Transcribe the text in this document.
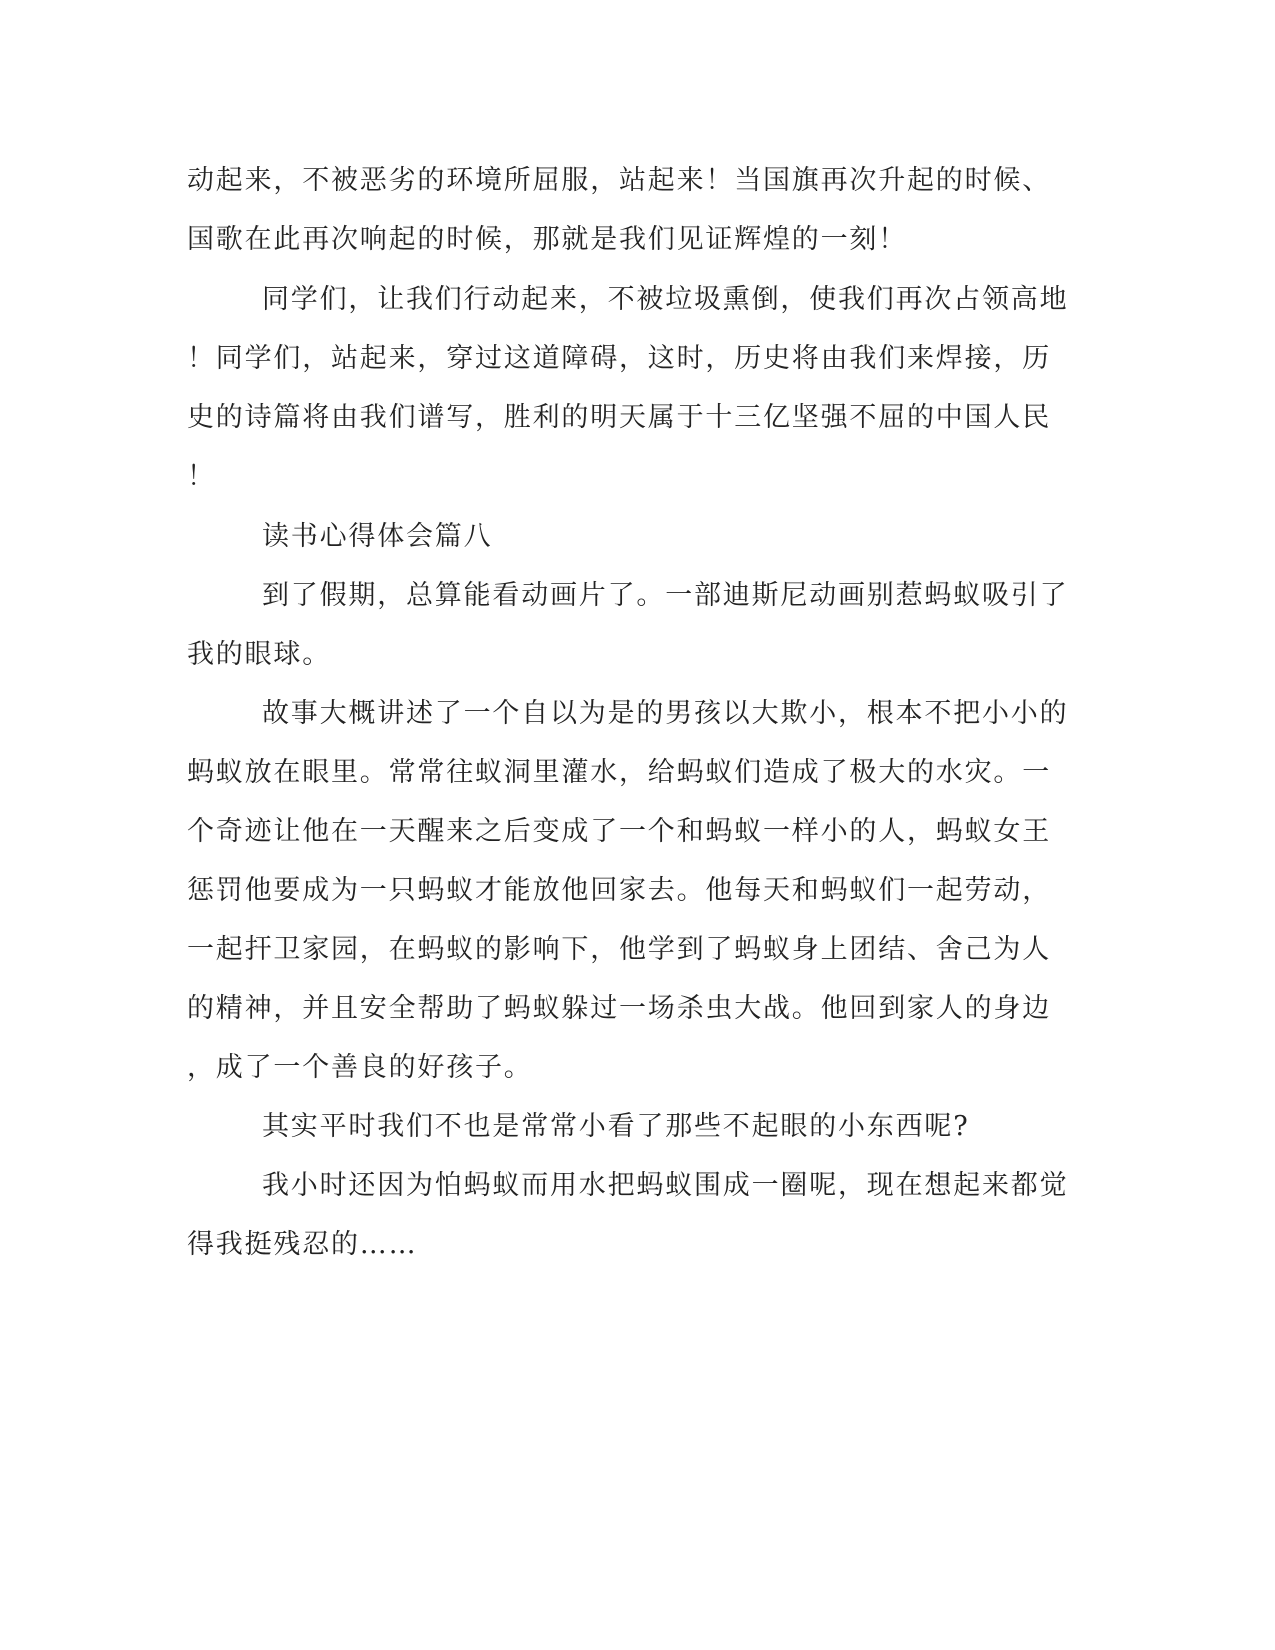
动起来，不被恶劣的环境所屈服，站起来！当国旗再次升起的时候、
国歌在此再次响起的时候，那就是我们见证辉煌的一刻！
同学们，让我们行动起来，不被垃圾熏倒，使我们再次占领高地
！同学们，站起来，穿过这道障碍，这时，历史将由我们来焊接，历
史的诗篇将由我们谱写，胜利的明天属于十三亿坚强不屈的中国人民
！
读书心得体会篇八
到了假期，总算能看动画片了。一部迪斯尼动画别惹蚂蚁吸引了
我的眼球。
故事大概讲述了一个自以为是的男孩以大欺小，根本不把小小的
蚂蚁放在眼里。常常往蚁洞里灌水，给蚂蚁们造成了极大的水灾。一
个奇迹让他在一天醒来之后变成了一个和蚂蚁一样小的人，蚂蚁女王
惩罚他要成为一只蚂蚁才能放他回家去。他每天和蚂蚁们一起劳动，
一起扞卫家园，在蚂蚁的影响下，他学到了蚂蚁身上团结、舍己为人
的精神，并且安全帮助了蚂蚁躲过一场杀虫大战。他回到家人的身边
，成了一个善良的好孩子。
其实平时我们不也是常常小看了那些不起眼的小东西呢?
我小时还因为怕蚂蚁而用水把蚂蚁围成一圈呢，现在想起来都觉
得我挺残忍的……
